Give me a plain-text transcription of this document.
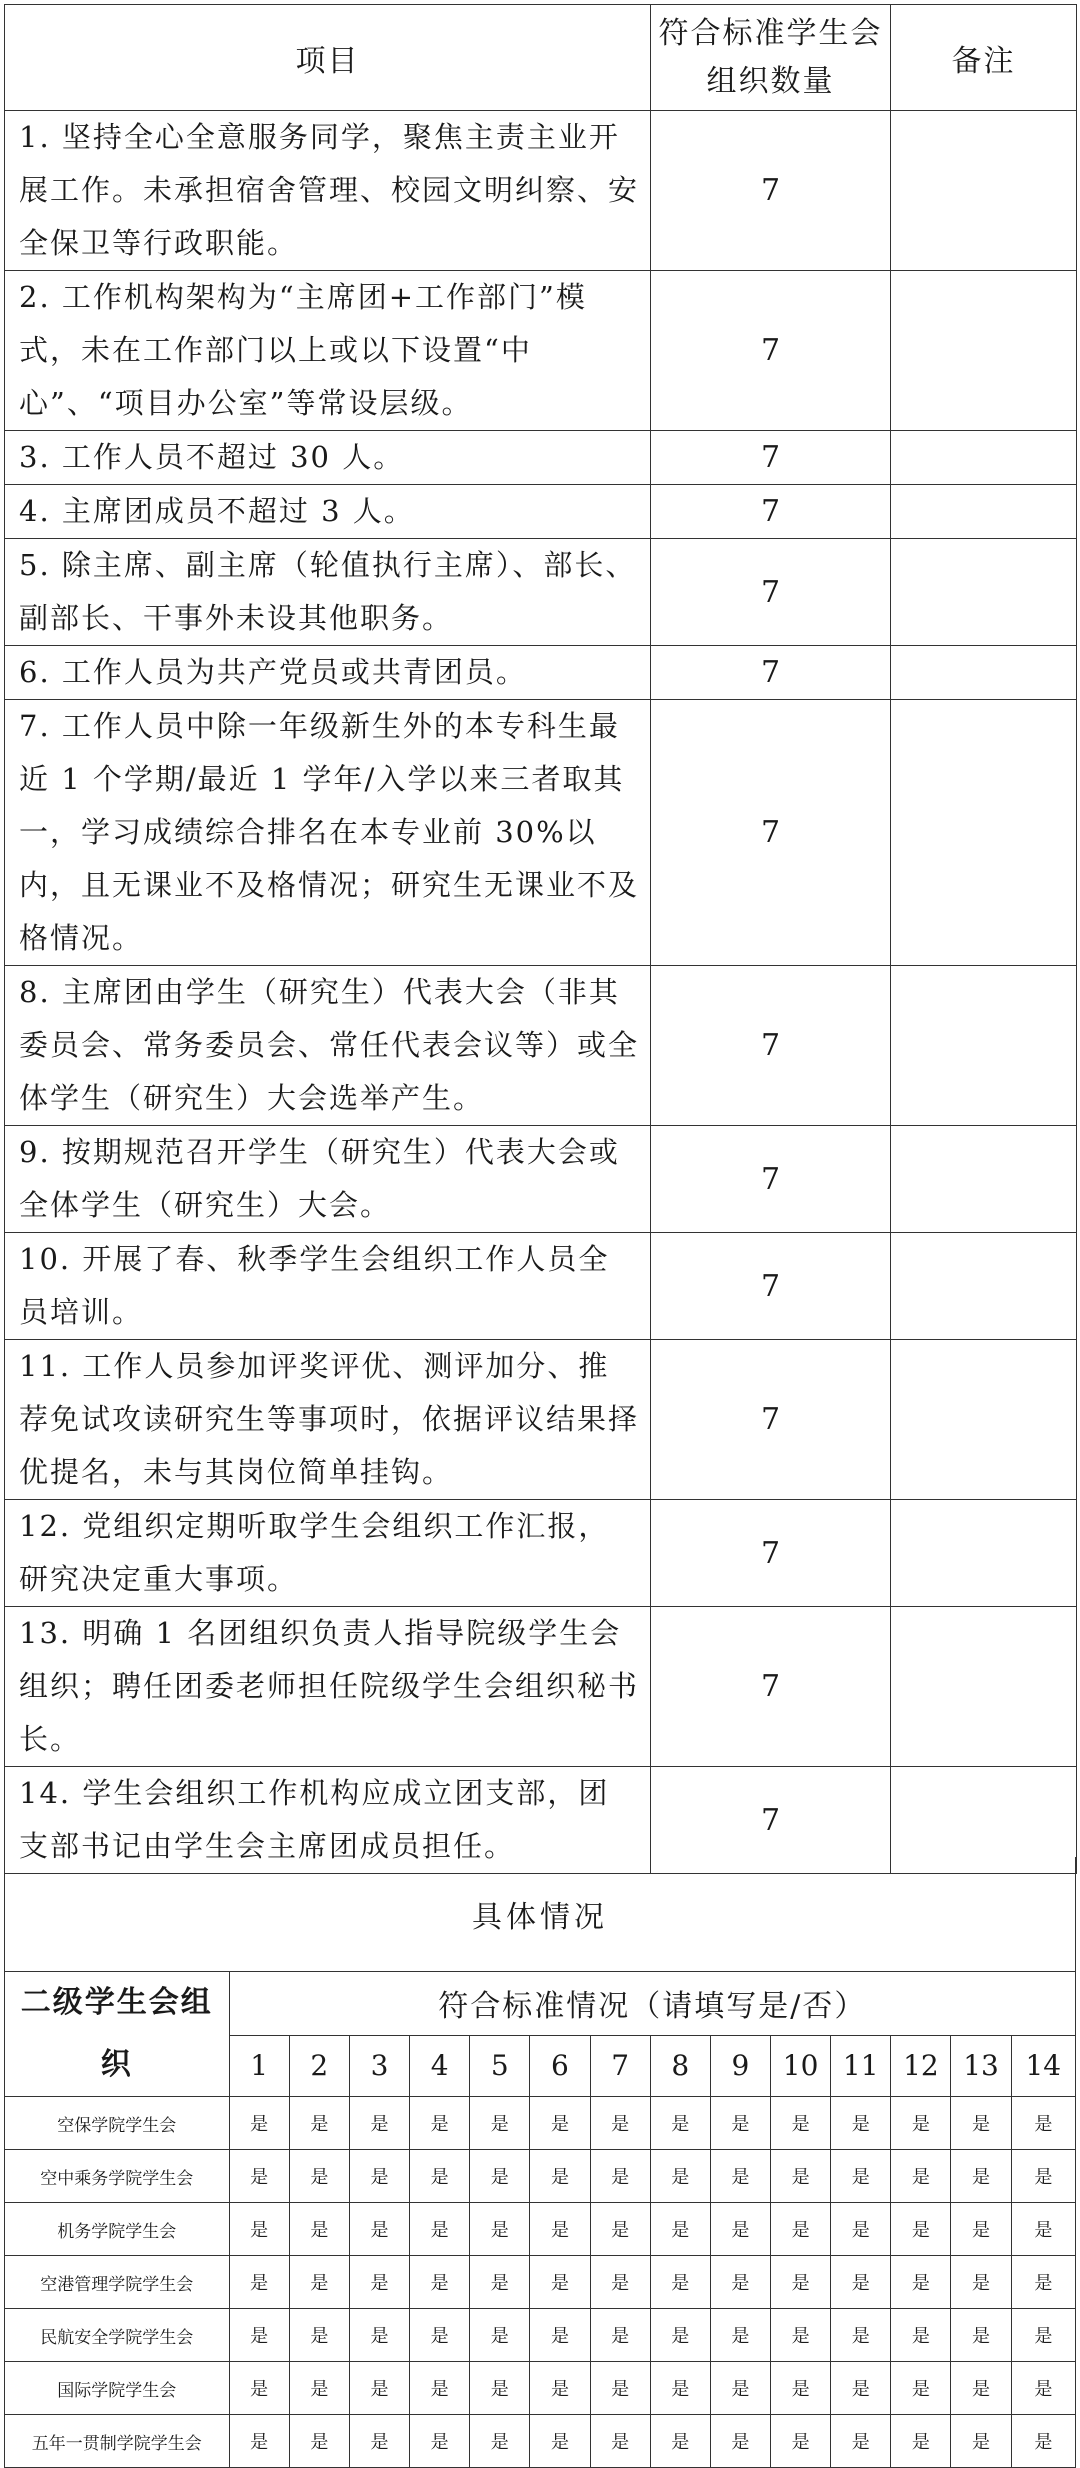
项目	符合标准学生会组织数量	备注
1. 坚持全心全意服务同学，聚焦主责主业开展工作。未承担宿舍管理、校园文明纠察、安全保卫等行政职能。	7	
2. 工作机构架构为“主席团+工作部门”模式，未在工作部门以上或以下设置“中心”、“项目办公室”等常设层级。	7	
3. 工作人员不超过 30 人。	7	
4. 主席团成员不超过 3 人。	7	
5. 除主席、副主席（轮值执行主席）、部长、副部长、干事外未设其他职务。	7	
6. 工作人员为共产党员或共青团员。	7	
7. 工作人员中除一年级新生外的本专科生最近 1 个学期/最近 1 学年/入学以来三者取其一，学习成绩综合排名在本专业前 30%以内，且无课业不及格情况；研究生无课业不及格情况。	7	
8. 主席团由学生（研究生）代表大会（非其委员会、常务委员会、常任代表会议等）或全体学生（研究生）大会选举产生。	7	
9. 按期规范召开学生（研究生）代表大会或全体学生（研究生）大会。	7	
10. 开展了春、秋季学生会组织工作人员全员培训。	7	
11. 工作人员参加评奖评优、测评加分、推荐免试攻读研究生等事项时，依据评议结果择优提名，未与其岗位简单挂钩。	7	
12. 党组织定期听取学生会组织工作汇报，研究决定重大事项。	7	
13. 明确 1 名团组织负责人指导院级学生会组织；聘任团委老师担任院级学生会组织秘书长。	7	
14. 学生会组织工作机构应成立团支部，团支部书记由学生会主席团成员担任。	7	
具体情况														
二级学生会组织	符合标准情况（请填写是/否）													
	1	2	3	4	5	6	7	8	9	10	11	12	13	14
空保学院学生会	是	是	是	是	是	是	是	是	是	是	是	是	是	是
空中乘务学院学生会	是	是	是	是	是	是	是	是	是	是	是	是	是	是
机务学院学生会	是	是	是	是	是	是	是	是	是	是	是	是	是	是
空港管理学院学生会	是	是	是	是	是	是	是	是	是	是	是	是	是	是
民航安全学院学生会	是	是	是	是	是	是	是	是	是	是	是	是	是	是
国际学院学生会	是	是	是	是	是	是	是	是	是	是	是	是	是	是
五年一贯制学院学生会	是	是	是	是	是	是	是	是	是	是	是	是	是	是
